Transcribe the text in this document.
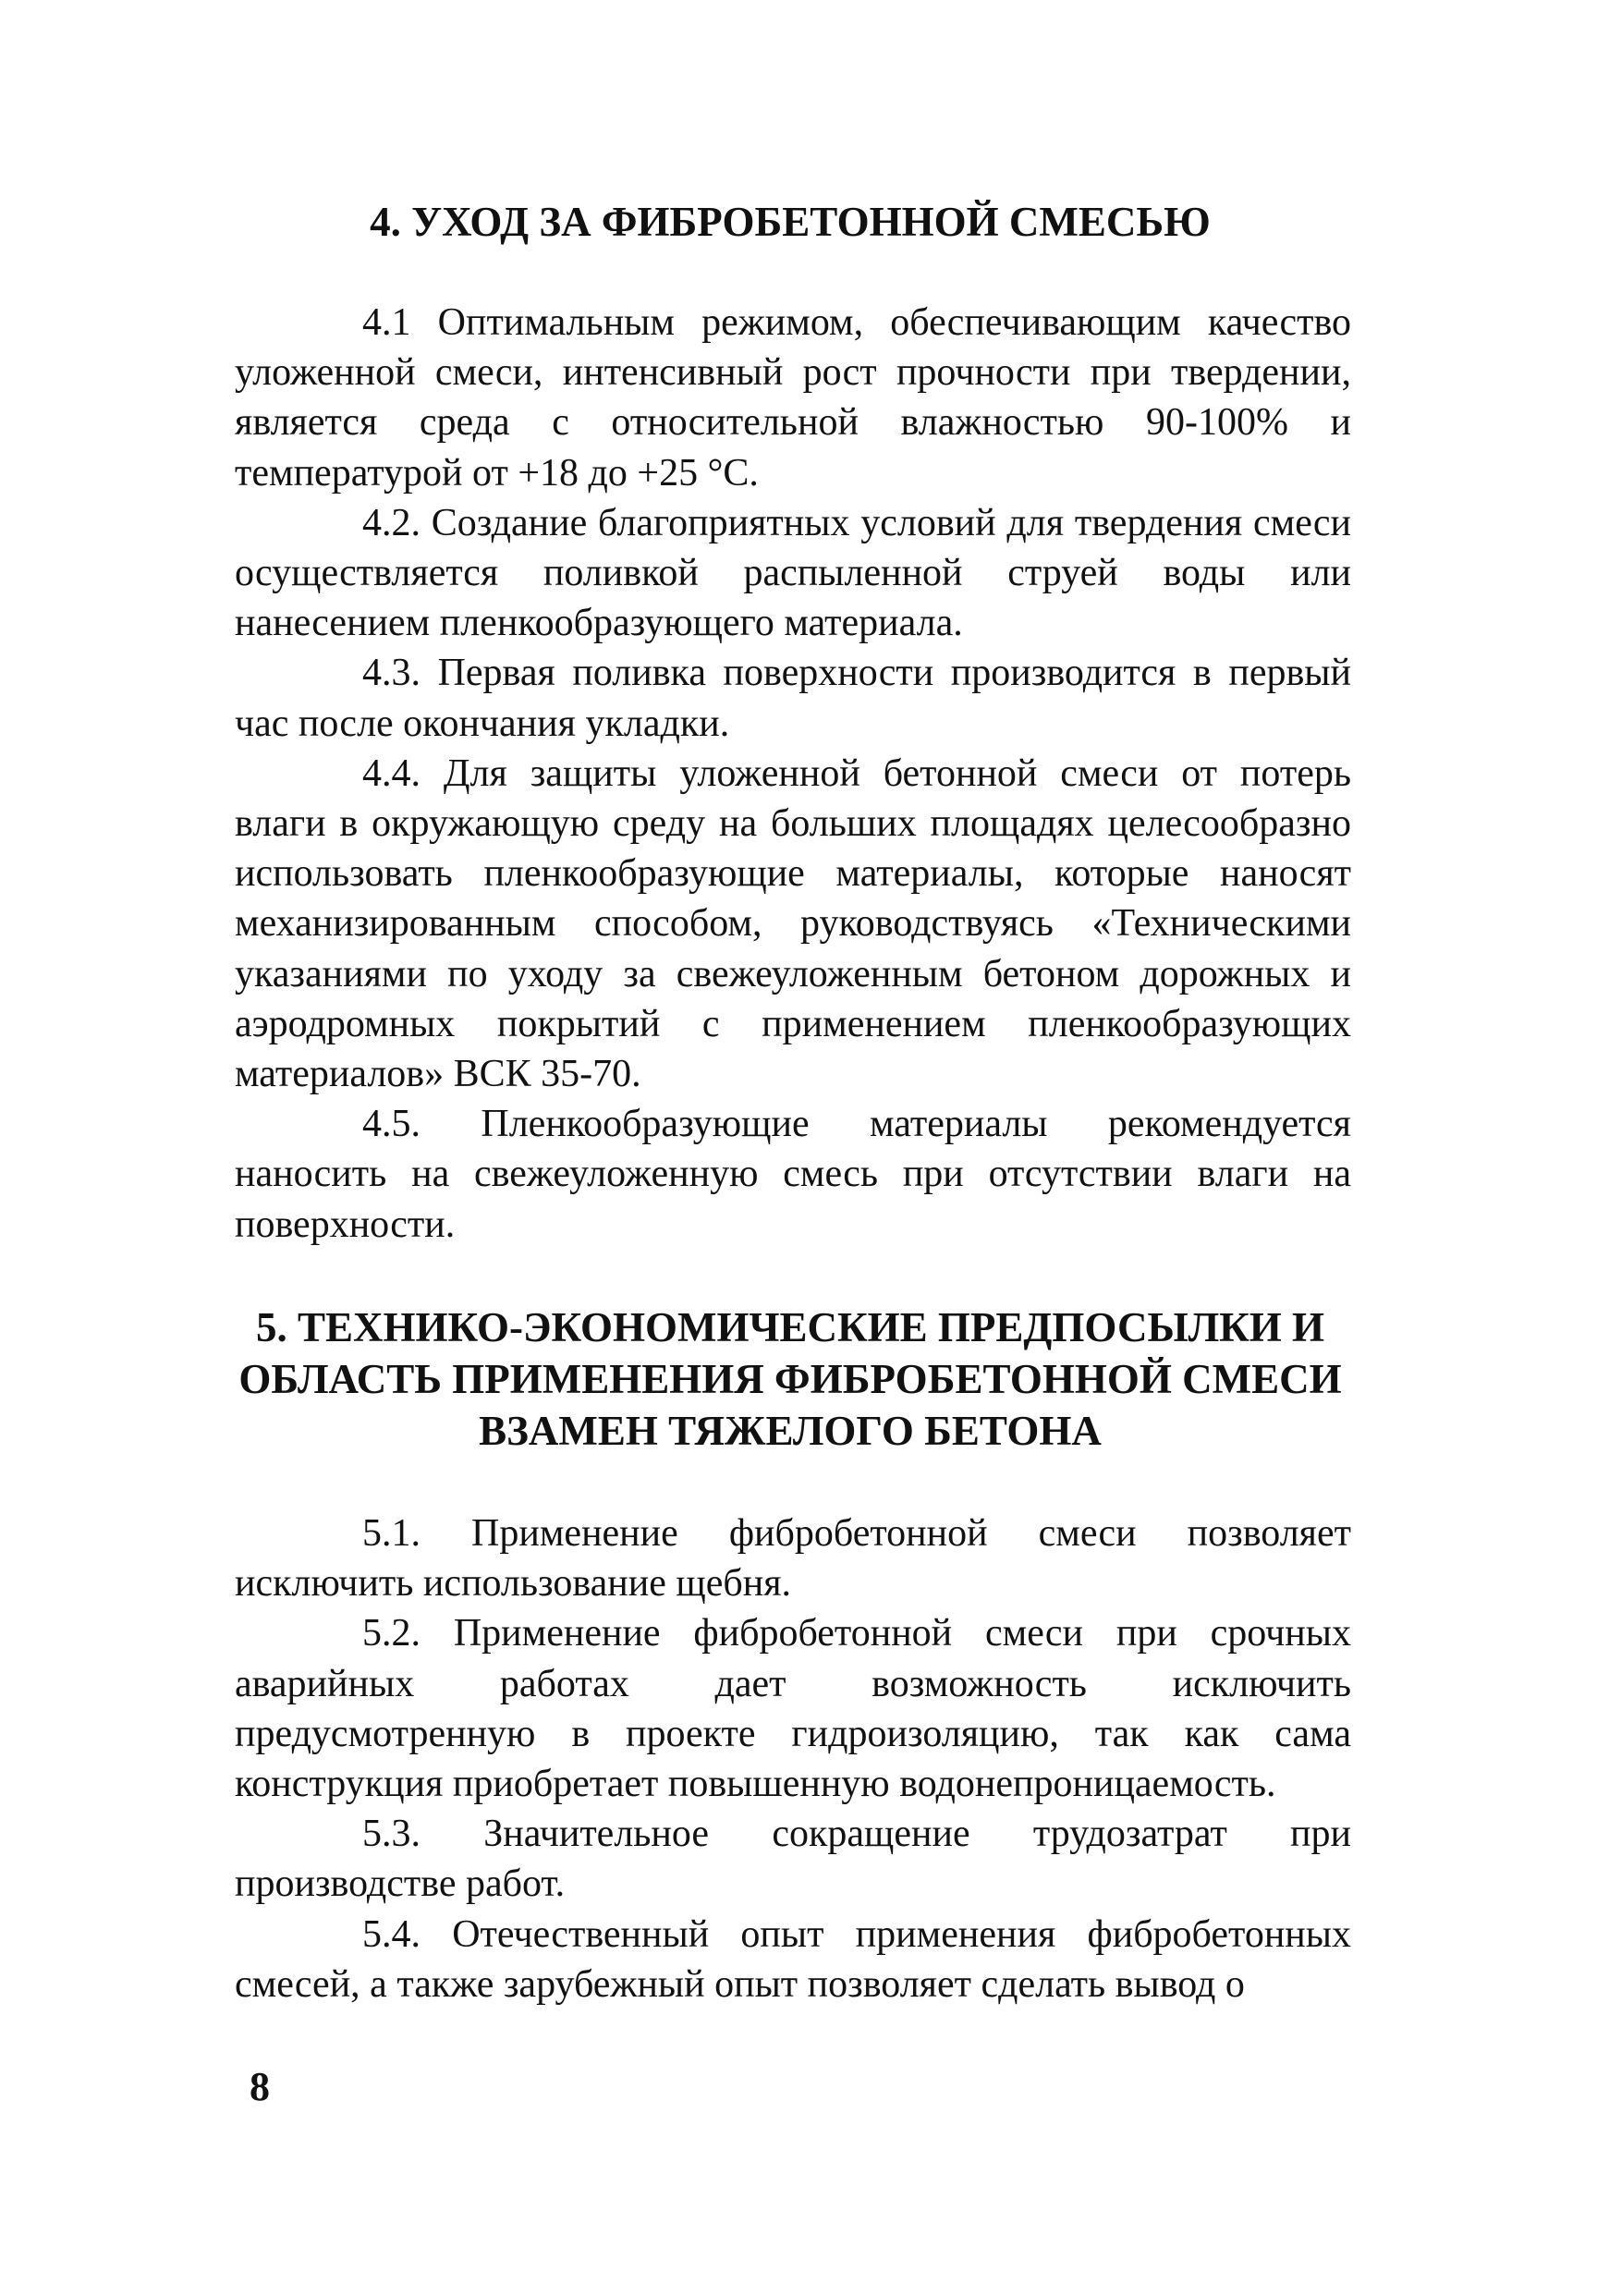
4. УХОД ЗА ФИБРОБЕТОННОЙ СМЕСЬЮ

4.1 Оптимальным режимом, обеспечивающим качество уложенной смеси, интенсивный рост прочности при твердении, является среда с относительной влажностью 90-100% и температурой от +18 до +25 °С.

4.2. Создание благоприятных условий для твердения смеси осуществляется поливкой распыленной струей воды или нанесением пленкообразующего материала.

4.3. Первая поливка поверхности производится в первый час после окончания укладки.

4.4. Для защиты уложенной бетонной смеси от потерь влаги в окружающую среду на больших площадях целесообразно использовать пленкообразующие материалы, которые наносят механизированным способом, руководствуясь «Техническими указаниями по уходу за свежеуложенным бетоном дорожных и аэродромных покрытий с применением пленкообразующих материалов» ВСК 35-70.

4.5. Пленкообразующие материалы рекомендуется наносить на свежеуложенную смесь при отсутствии влаги на поверхности.

5. ТЕХНИКО-ЭКОНОМИЧЕСКИЕ ПРЕДПОСЫЛКИ И ОБЛАСТЬ ПРИМЕНЕНИЯ ФИБРОБЕТОННОЙ СМЕСИ ВЗАМЕН ТЯЖЕЛОГО БЕТОНА

5.1. Применение фибробетонной смеси позволяет исключить использование щебня.

5.2. Применение фибробетонной смеси при срочных аварийных работах дает возможность исключить предусмотренную в проекте гидроизоляцию, так как сама конструкция приобретает повышенную водонепроницаемость.

5.3. Значительное сокращение трудозатрат при производстве работ.

5.4. Отечественный опыт применения фибробетонных смесей, а также зарубежный опыт позволяет сделать вывод о

8
